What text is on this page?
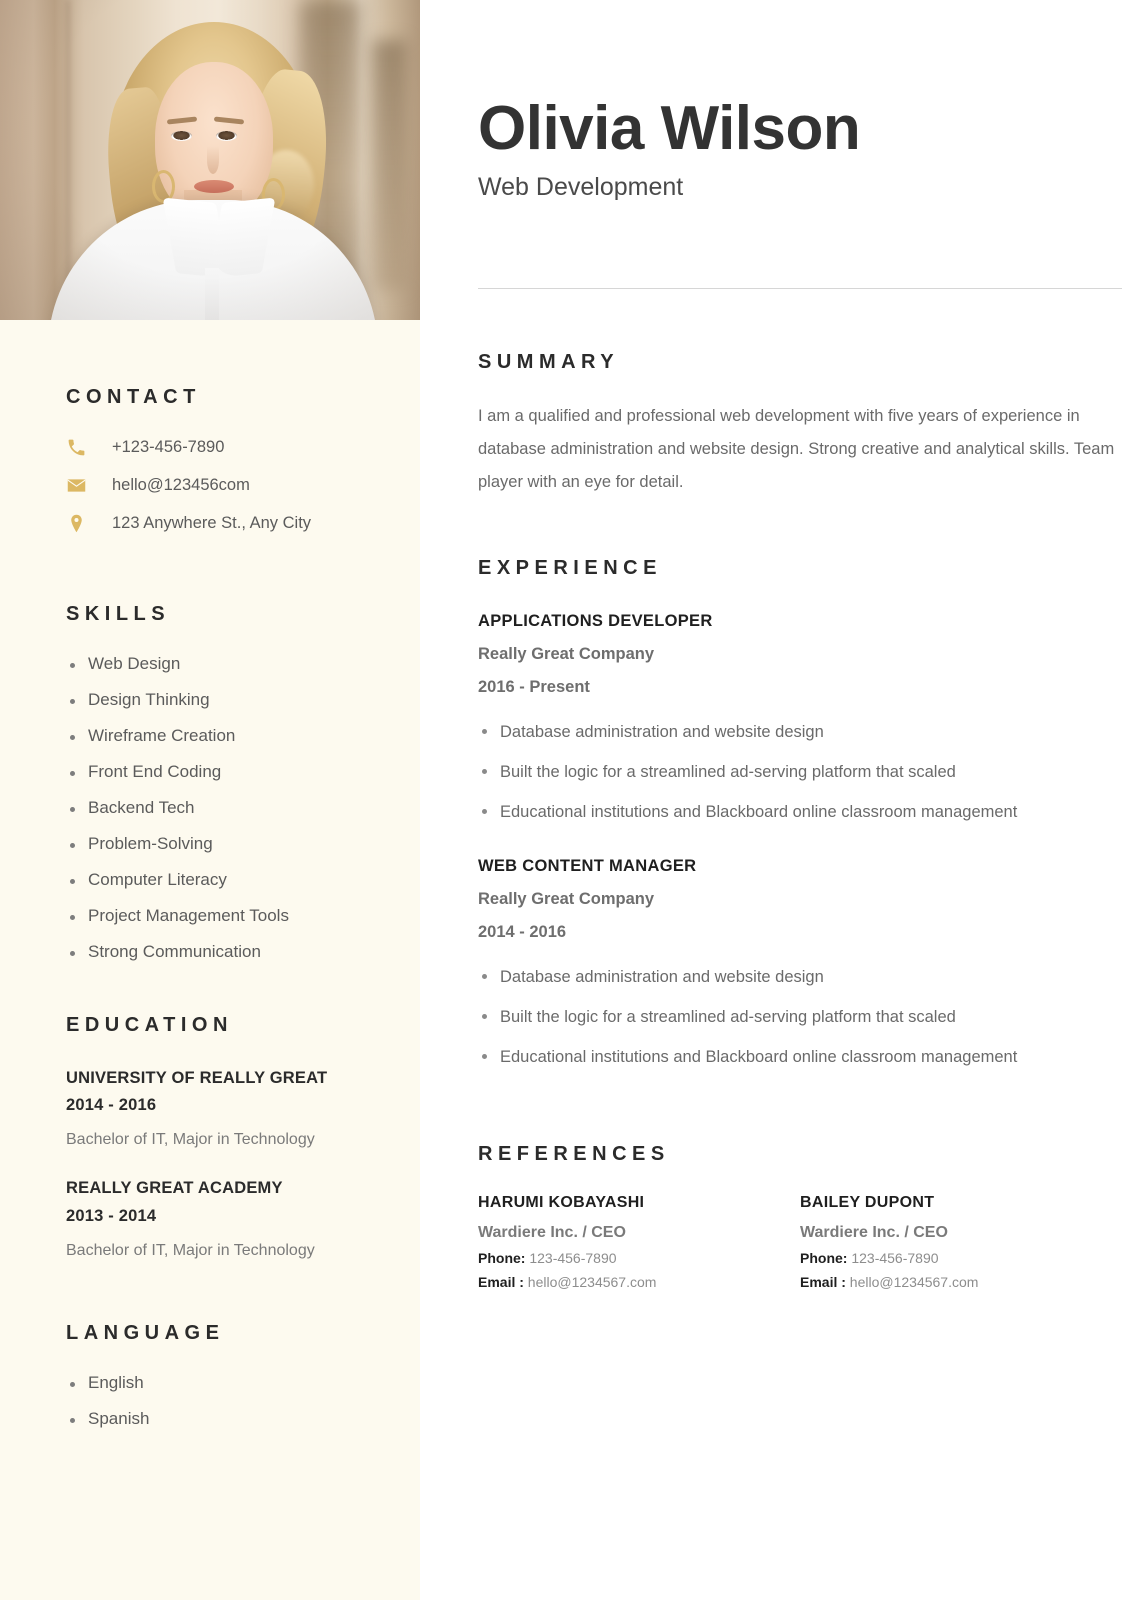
CONTACT
+123-456-7890
hello@123456com
123 Anywhere St., Any City
SKILLS
Web Design
Design Thinking
Wireframe Creation
Front End Coding
Backend Tech
Problem-Solving
Computer Literacy
Project Management Tools
Strong Communication
EDUCATION
UNIVERSITY OF REALLY GREAT
2014 - 2016
Bachelor of IT, Major in Technology
REALLY GREAT ACADEMY
2013 - 2014
Bachelor of IT, Major in Technology
LANGUAGE
English
Spanish
Olivia Wilson
Web Development
SUMMARY

I am a qualified and professional web development with five years of experience in database administration and website design. Strong creative and analytical skills. Team player with an eye for detail.

EXPERIENCE
APPLICATIONS DEVELOPER
Really Great Company
2016 - Present
Database administration and website design
Built the logic for a streamlined ad-serving platform that scaled
Educational institutions and Blackboard online classroom management
WEB CONTENT MANAGER
Really Great Company
2014 - 2016
Database administration and website design
Built the logic for a streamlined ad-serving platform that scaled
Educational institutions and Blackboard online classroom management
REFERENCES
HARUMI KOBAYASHI
Wardiere Inc. / CEO
Phone: 123-456-7890
Email : hello@1234567.com
BAILEY DUPONT
Wardiere Inc. / CEO
Phone: 123-456-7890
Email : hello@1234567.com
